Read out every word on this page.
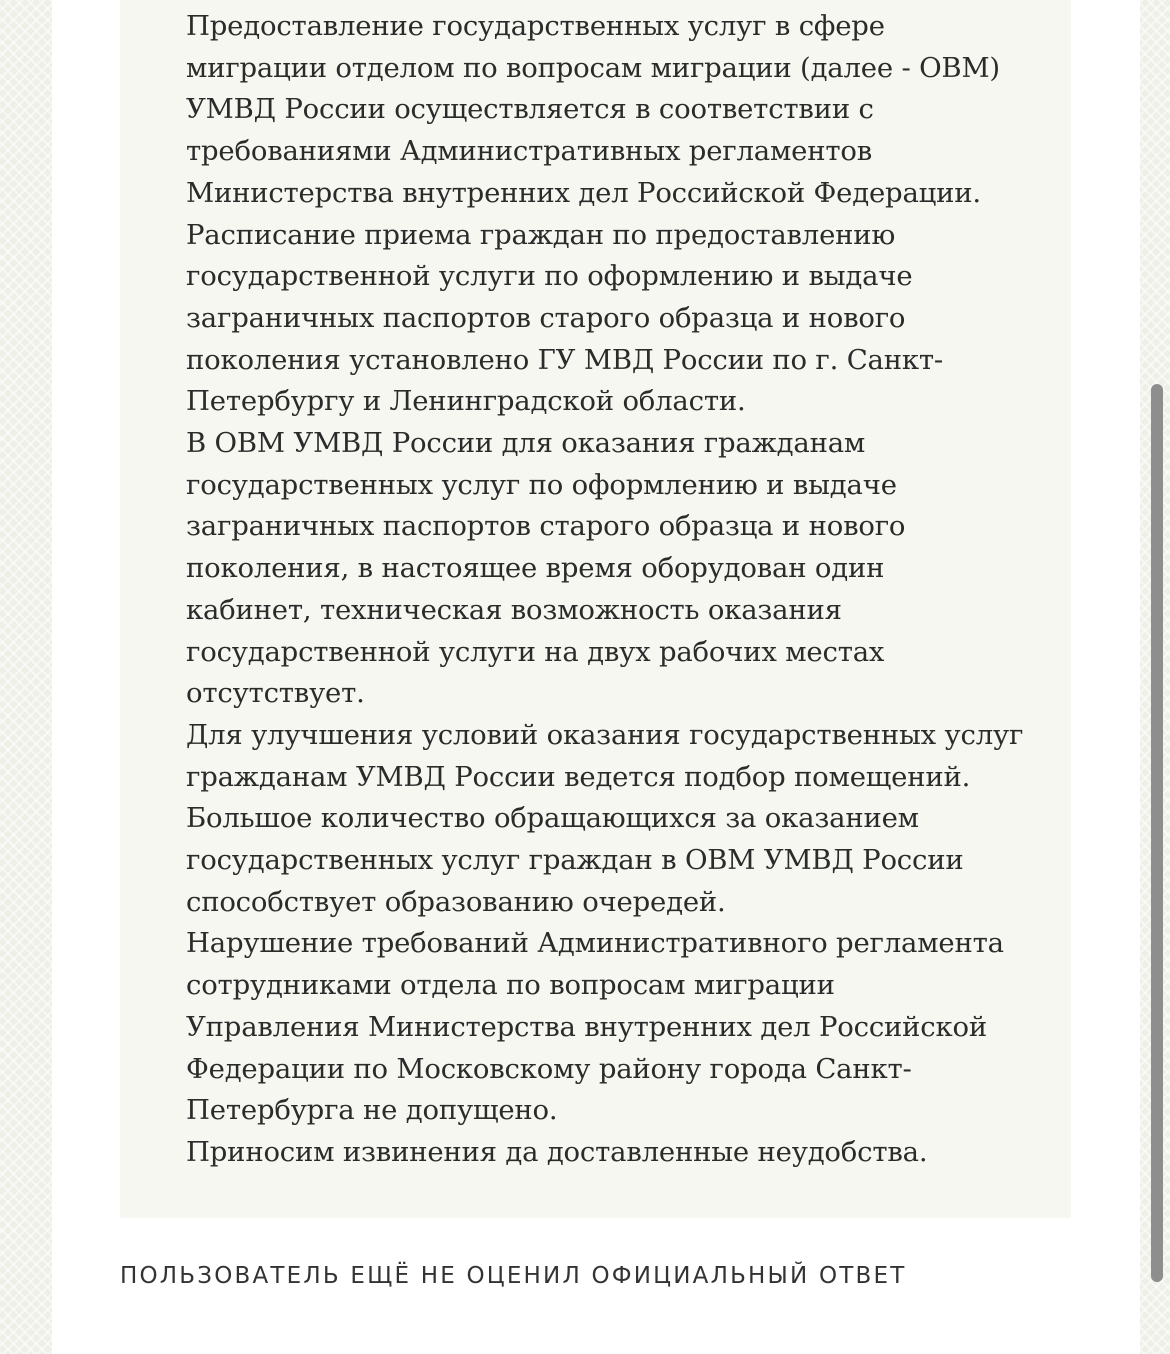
Предоставление государственных услуг в сфере
миграции отделом по вопросам миграции (далее - ОВМ)
УМВД России осуществляется в соответствии с
требованиями Административных регламентов
Министерства внутренних дел Российской Федерации.
Расписание приема граждан по предоставлению
государственной услуги по оформлению и выдаче
заграничных паспортов старого образца и нового
поколения установлено ГУ МВД России по г. Санкт-
Петербургу и Ленинградской области.
В ОВМ УМВД России для оказания гражданам
государственных услуг по оформлению и выдаче
заграничных паспортов старого образца и нового
поколения, в настоящее время оборудован один
кабинет, техническая возможность оказания
государственной услуги на двух рабочих местах
отсутствует.
Для улучшения условий оказания государственных услуг
гражданам УМВД России ведется подбор помещений.
Большое количество обращающихся за оказанием
государственных услуг граждан в ОВМ УМВД России
способствует образованию очередей.
Нарушение требований Административного регламента
сотрудниками отдела по вопросам миграции
Управления Министерства внутренних дел Российской
Федерации по Московскому району города Санкт-
Петербурга не допущено.
Приносим извинения да доставленные неудобства.
ПОЛЬЗОВАТЕЛЬ ЕЩЁ НЕ ОЦЕНИЛ ОФИЦИАЛЬНЫЙ ОТВЕТ
